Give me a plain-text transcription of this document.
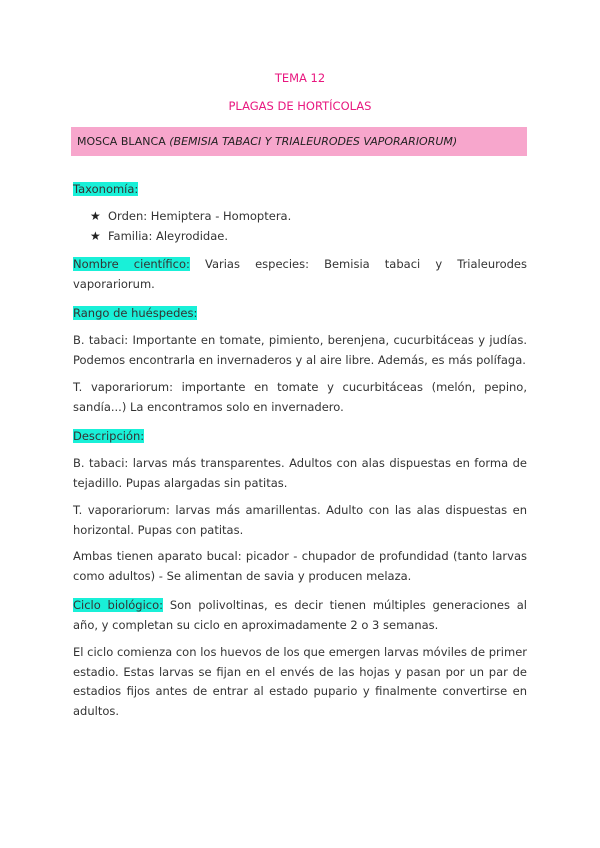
TEMA 12
PLAGAS DE HORTÍCOLAS
MOSCA BLANCA (BEMISIA TABACI Y TRIALEURODES VAPORARIORUM)
Taxonomía:
★ Orden: Hemiptera - Homoptera.
★ Familia: Aleyrodidae.
Nombre científico: Varias especies: Bemisia tabaci y Trialeurodes vaporariorum.
Rango de huéspedes:
B. tabaci: Importante en tomate, pimiento, berenjena, cucurbitáceas y judías. Podemos encontrarla en invernaderos y al aire libre. Además, es más polífaga.
T. vaporariorum: importante en tomate y cucurbitáceas (melón, pepino, sandía...) La encontramos solo en invernadero.
Descripción:
B. tabaci: larvas más transparentes. Adultos con alas dispuestas en forma de tejadillo. Pupas alargadas sin patitas.
T. vaporariorum: larvas más amarillentas. Adulto con las alas dispuestas en horizontal. Pupas con patitas.
Ambas tienen aparato bucal: picador - chupador de profundidad (tanto larvas como adultos) - Se alimentan de savia y producen melaza.
Ciclo biológico: Son polivoltinas, es decir tienen múltiples generaciones al año, y completan su ciclo en aproximadamente 2 o 3 semanas.
El ciclo comienza con los huevos de los que emergen larvas móviles de primer estadio. Estas larvas se fijan en el envés de las hojas y pasan por un par de estadios fijos antes de entrar al estado pupario y finalmente convertirse en adultos.
